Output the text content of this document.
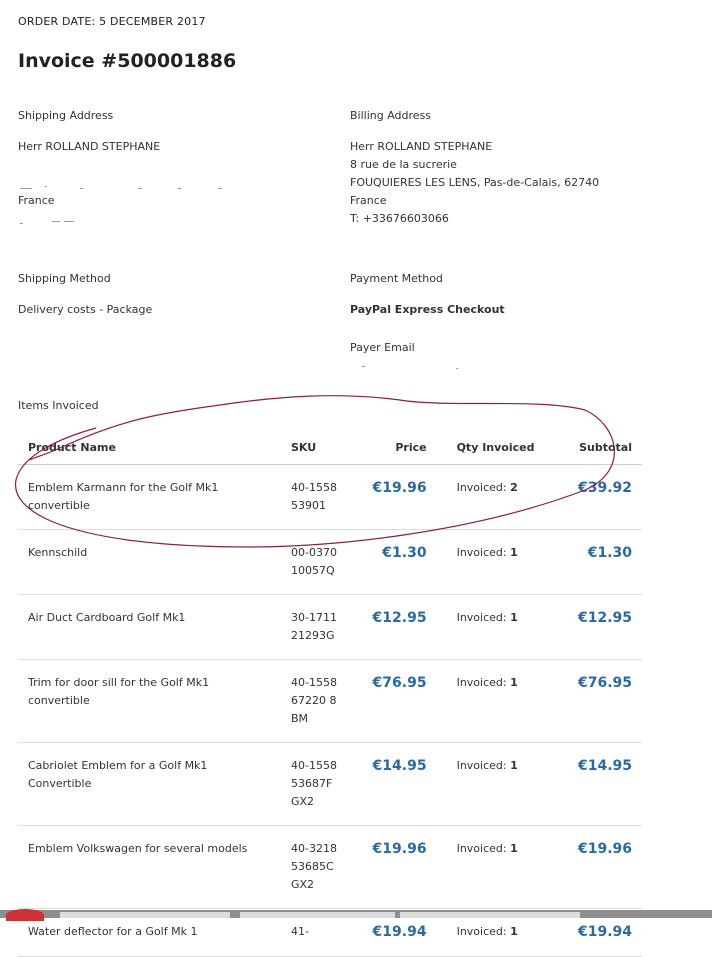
ORDER DATE: 5 DECEMBER 2017
Invoice #500001886
Shipping Address
Herr ROLLAND STEPHANE
France
Billing Address
Herr ROLLAND STEPHANE
8 rue de la sucrerie
FOUQUIERES LES LENS, Pas-de-Calais, 62740
France
T: +33676603066
Shipping Method
Delivery costs - Package
Payment Method
PayPal Express Checkout
Payer Email
Items Invoiced
Product Name	SKU	Price	Qty Invoiced	Subtotal
Emblem Karmann for the Golf Mk1 convertible	40-155853901	€19.96	Invoiced: 2	€39.92
Kennschild	00-037010057Q	€1.30	Invoiced: 1	€1.30
Air Duct Cardboard Golf Mk1	30-171121293G	€12.95	Invoiced: 1	€12.95
Trim for door sill for the Golf Mk1 convertible	40-155867220 8BM	€76.95	Invoiced: 1	€76.95
Cabriolet Emblem for a Golf Mk1 Convertible	40-155853687F GX2	€14.95	Invoiced: 1	€14.95
Emblem Volkswagen for several models	40-321853685C GX2	€19.96	Invoiced: 1	€19.96
Water deflector for a Golf Mk 1	41-	€19.94	Invoiced: 1	€19.94
